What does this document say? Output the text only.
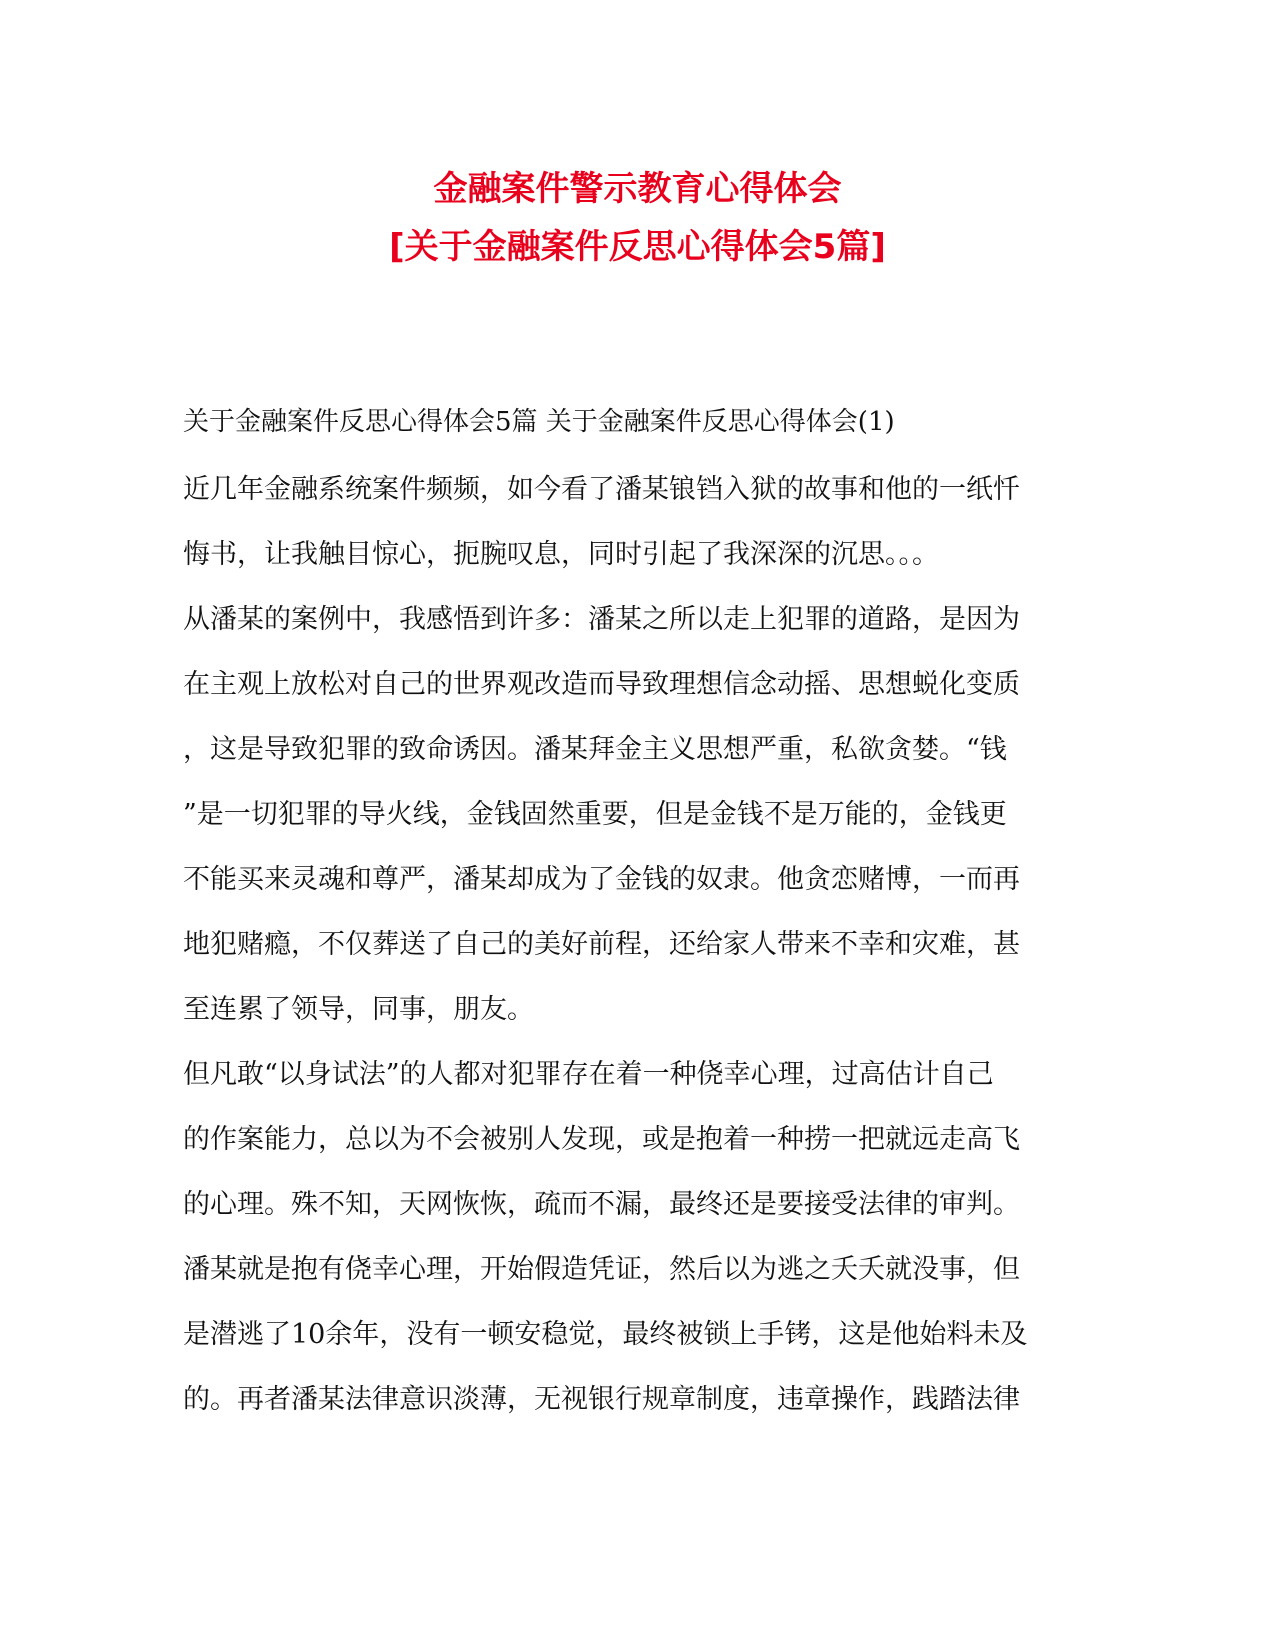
金融案件警示教育心得体会
[关于金融案件反思心得体会5篇]
关于金融案件反思心得体会5篇 关于金融案件反思心得体会(1)
近几年金融系统案件频频，如今看了潘某锒铛入狱的故事和他的一纸忏
悔书，让我触目惊心，扼腕叹息，同时引起了我深深的沉思。。。
从潘某的案例中，我感悟到许多：潘某之所以走上犯罪的道路，是因为
在主观上放松对自己的世界观改造而导致理想信念动摇、思想蜕化变质
，这是导致犯罪的致命诱因。潘某拜金主义思想严重，私欲贪婪。“钱
”是一切犯罪的导火线，金钱固然重要，但是金钱不是万能的，金钱更
不能买来灵魂和尊严，潘某却成为了金钱的奴隶。他贪恋赌博，一而再
地犯赌瘾，不仅葬送了自己的美好前程，还给家人带来不幸和灾难，甚
至连累了领导，同事，朋友。
但凡敢“以身试法”的人都对犯罪存在着一种侥幸心理，过高估计自己
的作案能力，总以为不会被别人发现，或是抱着一种捞一把就远走高飞
的心理。殊不知，天网恢恢，疏而不漏，最终还是要接受法律的审判。
潘某就是抱有侥幸心理，开始假造凭证，然后以为逃之夭夭就没事，但
是潜逃了10余年，没有一顿安稳觉，最终被锁上手铐，这是他始料未及
的。再者潘某法律意识淡薄，无视银行规章制度，违章操作，践踏法律
